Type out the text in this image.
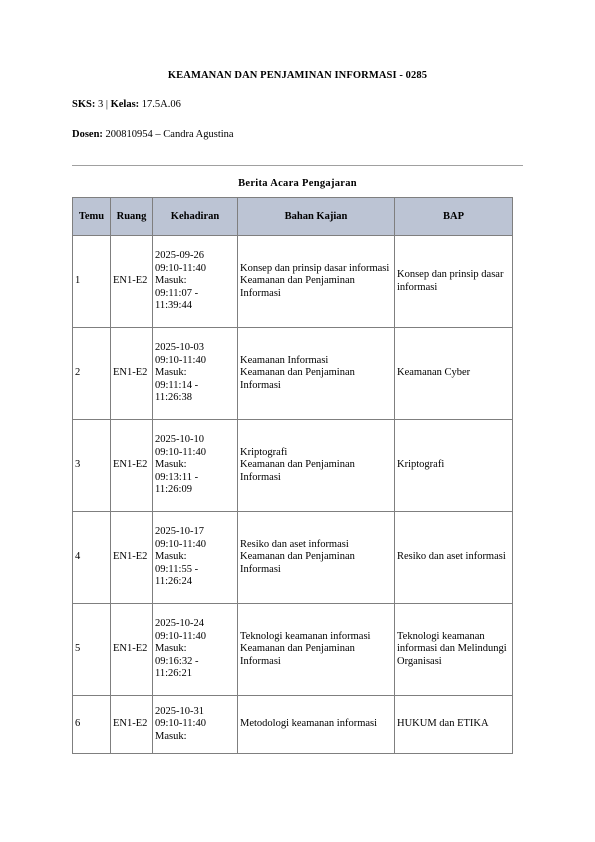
KEAMANAN DAN PENJAMINAN INFORMASI - 0285
SKS: 3 | Kelas: 17.5A.06
Dosen: 200810954 – Candra Agustina
Berita Acara Pengajaran
Temu	Ruang	Kehadiran	Bahan Kajian	BAP
1	EN1-E2	2025-09-26
09:10-11:40
Masuk:
09:11:07 -
11:39:44	Konsep dan prinsip dasar informasi
Keamanan dan Penjaminan Informasi	Konsep dan prinsip dasar informasi
2	EN1-E2	2025-10-03
09:10-11:40
Masuk:
09:11:14 -
11:26:38	Keamanan Informasi
Keamanan dan Penjaminan Informasi	Keamanan Cyber
3	EN1-E2	2025-10-10
09:10-11:40
Masuk:
09:13:11 -
11:26:09	Kriptografi
Keamanan dan Penjaminan Informasi	Kriptografi
4	EN1-E2	2025-10-17
09:10-11:40
Masuk:
09:11:55 -
11:26:24	Resiko dan aset informasi
Keamanan dan Penjaminan Informasi	Resiko dan aset informasi
5	EN1-E2	2025-10-24
09:10-11:40
Masuk:
09:16:32 -
11:26:21	Teknologi keamanan informasi
Keamanan dan Penjaminan Informasi	Teknologi keamanan informasi dan Melindungi Organisasi
6	EN1-E2	2025-10-31
09:10-11:40
Masuk:	Metodologi keamanan informasi	HUKUM dan ETIKA
